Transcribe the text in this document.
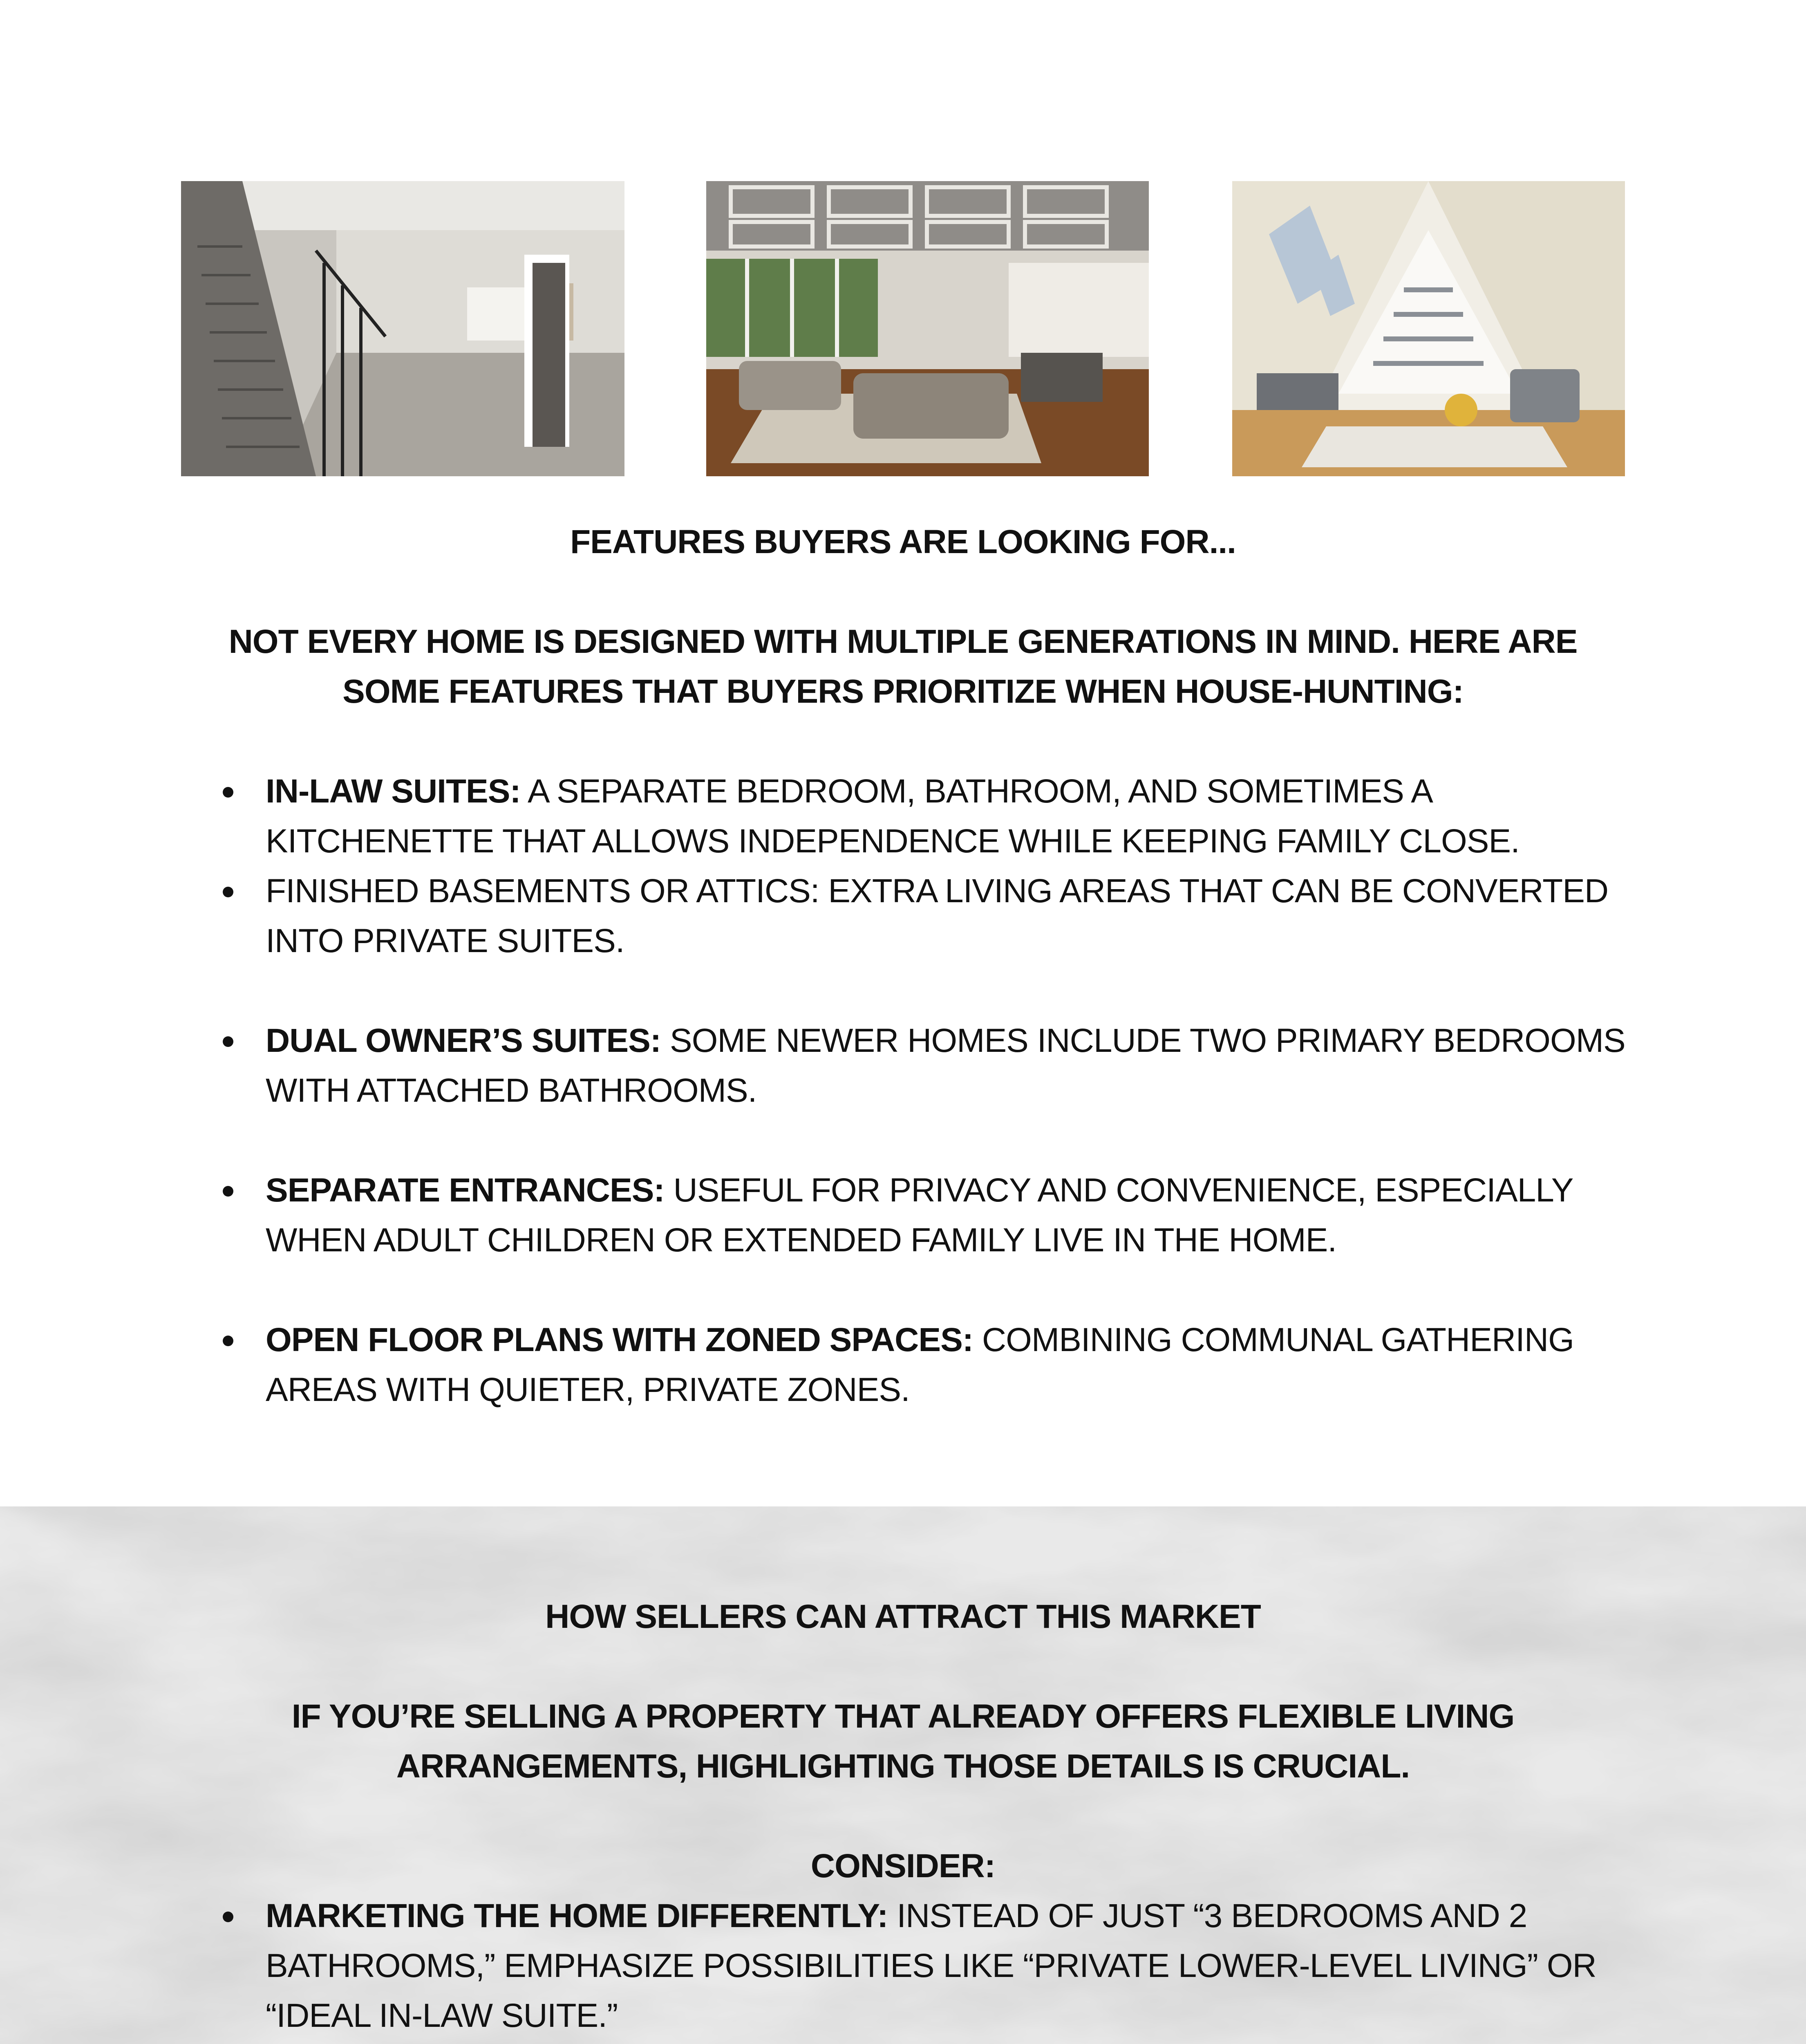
FEATURES BUYERS ARE LOOKING FOR...
NOT EVERY HOME IS DESIGNED WITH MULTIPLE GENERATIONS IN MIND. HERE ARE
SOME FEATURES THAT BUYERS PRIORITIZE WHEN HOUSE-HUNTING:
IN-LAW SUITES: A SEPARATE BEDROOM, BATHROOM, AND SOMETIMES A KITCHENETTE THAT ALLOWS INDEPENDENCE WHILE KEEPING FAMILY CLOSE.
FINISHED BASEMENTS OR ATTICS: EXTRA LIVING AREAS THAT CAN BE CONVERTED INTO PRIVATE SUITES.
DUAL OWNER’S SUITES: SOME NEWER HOMES INCLUDE TWO PRIMARY BEDROOMS WITH ATTACHED BATHROOMS.
SEPARATE ENTRANCES: USEFUL FOR PRIVACY AND CONVENIENCE, ESPECIALLY WHEN ADULT CHILDREN OR EXTENDED FAMILY LIVE IN THE HOME.
OPEN FLOOR PLANS WITH ZONED SPACES: COMBINING COMMUNAL GATHERING AREAS WITH QUIETER, PRIVATE ZONES.
HOW SELLERS CAN ATTRACT THIS MARKET
IF YOU’RE SELLING A PROPERTY THAT ALREADY OFFERS FLEXIBLE LIVING
ARRANGEMENTS, HIGHLIGHTING THOSE DETAILS IS CRUCIAL.
CONSIDER:
MARKETING THE HOME DIFFERENTLY: INSTEAD OF JUST “3 BEDROOMS AND 2 BATHROOMS,” EMPHASIZE POSSIBILITIES LIKE “PRIVATE LOWER-LEVEL LIVING” OR “IDEAL IN-LAW SUITE.”
